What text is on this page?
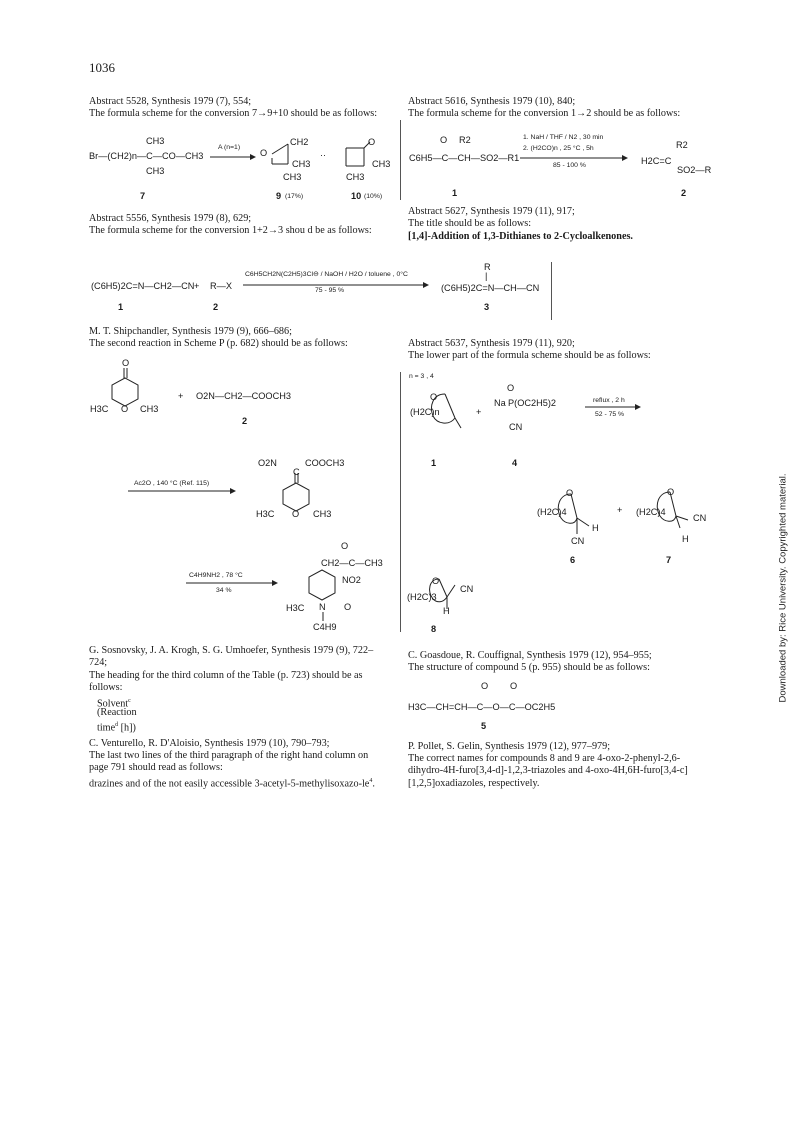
1036
Abstract 5528, Synthesis 1979 (7), 554;
The formula scheme for the conversion 7→9+10 should be as follows:
CH3
Br—(CH2)n—C—CO—CH3
CH3
A (n=1)
CH2
O
CH3
CH3
··
O
CH3
CH3
7	9 (17%)	10 (10%)
Abstract 5556, Synthesis 1979 (8), 629;
The formula scheme for the conversion 1+2→3 shou d be as follows:
(C6H5)2C=N—CH2—CN + R—X
C6H5CH2N(C2H5)3Cl⊖ / NaOH / H2O / toluene , 0°C
75 - 95 %
R
|
(C6H5)2C=N—CH—CN
1	2	3
M. T. Shipchandler, Synthesis 1979 (9), 666–686;
The second reaction in Scheme P (p. 682) should be as follows:
O
H3C O CH3
+ O2N—CH2—COOCH3
2
O2N	COOCH3
C
Ac2O , 140 °C (Ref. 115)
H3C O CH3
O
CH2—C—CH3
C4H9NH2 , 78 °C
34 %
NO2
H3C N O
C4H9
G. Sosnovsky, J. A. Krogh, S. G. Umhoefer, Synthesis 1979 (9), 722–724;
The heading for the third column of the Table (p. 723) should be as follows:
Solvent$^c$
(Reaction
time$^d$ [h])
C. Venturello, R. D'Aloisio, Synthesis 1979 (10), 790–793;
The last two lines of the third paragraph of the right hand column on page 791 should read as follows:
drazines and of the not easily accessible $3-acetyl-5-methylisoxazo-le^4$.
Abstract 5616, Synthesis 1979 (10), 840;
The formula scheme for the conversion 1→2 should be as follows:
O R2
C6H5—C—CH—SO2—R1
1. NaH / THF / N2 , 30 min
2. (H2CO)n , 25 °C , 5h
85 - 100 %
R2
H2C=C
SO2—R
1	2
Abstract 5627, Synthesis 1979 (11), 917;
The title should be as follows:
[1,4]-Addition of 1,3-Dithianes to 2-Cycloalkenones.
Abstract 5637, Synthesis 1979 (11), 920;
The lower part of the formula scheme should be as follows:
n = 3 , 4
O
(H2C)n	+
O
Na P(OC2H5)2
CN
reflux , 2 h
52 - 75 %
1	4
O
(H2C)4
H
CN
+
O
(H2C)4
CN
H
6	7
O
(H2C)3
CN
H
8
C. Goasdoue, R. Couffignal, Synthesis 1979 (12), 954–955;
The structure of compound 5 (p. 955) should be as follows:
O O
H3C—CH=CH—C—O—C—OC2H5
5
P. Pollet, S. Gelin, Synthesis 1979 (12), 977–979;
The correct names for compounds 8 and 9 are 4-oxo-2-phenyl-2,6-dihydro-4H-furo[3,4-d]-1,2,3-triazoles and 4-oxo-4H,6H-furo[3,4-c][1,2,5]oxadiazoles, respectively.
Downloaded by: Rice University. Copyrighted material.
